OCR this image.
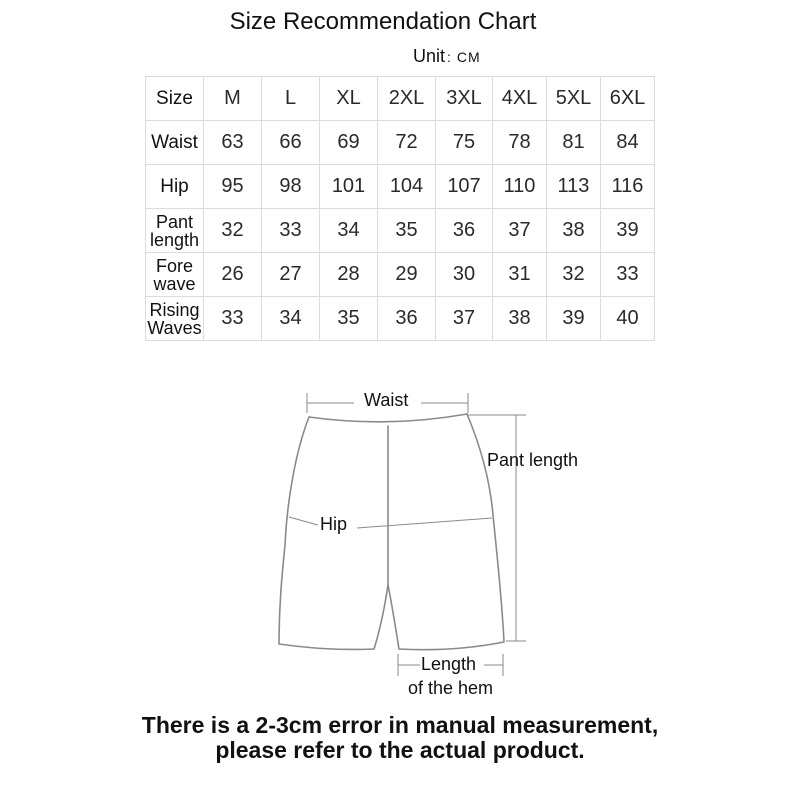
Size Recommendation Chart
Unit : CM
Size	M	L	XL	2XL	3XL	4XL	5XL	6XL
Waist	63	66	69	72	75	78	81	84
Hip	95	98	101	104	107	110	113	116
Pant
length	32	33	34	35	36	37	38	39
Fore
wave	26	27	28	29	30	31	32	33
Rising
Waves	33	34	35	36	37	38	39	40
Waist
Pant length
Hip
Length
of the hem
There is a 2-3cm error in manual measurement,
please refer to the actual product.
